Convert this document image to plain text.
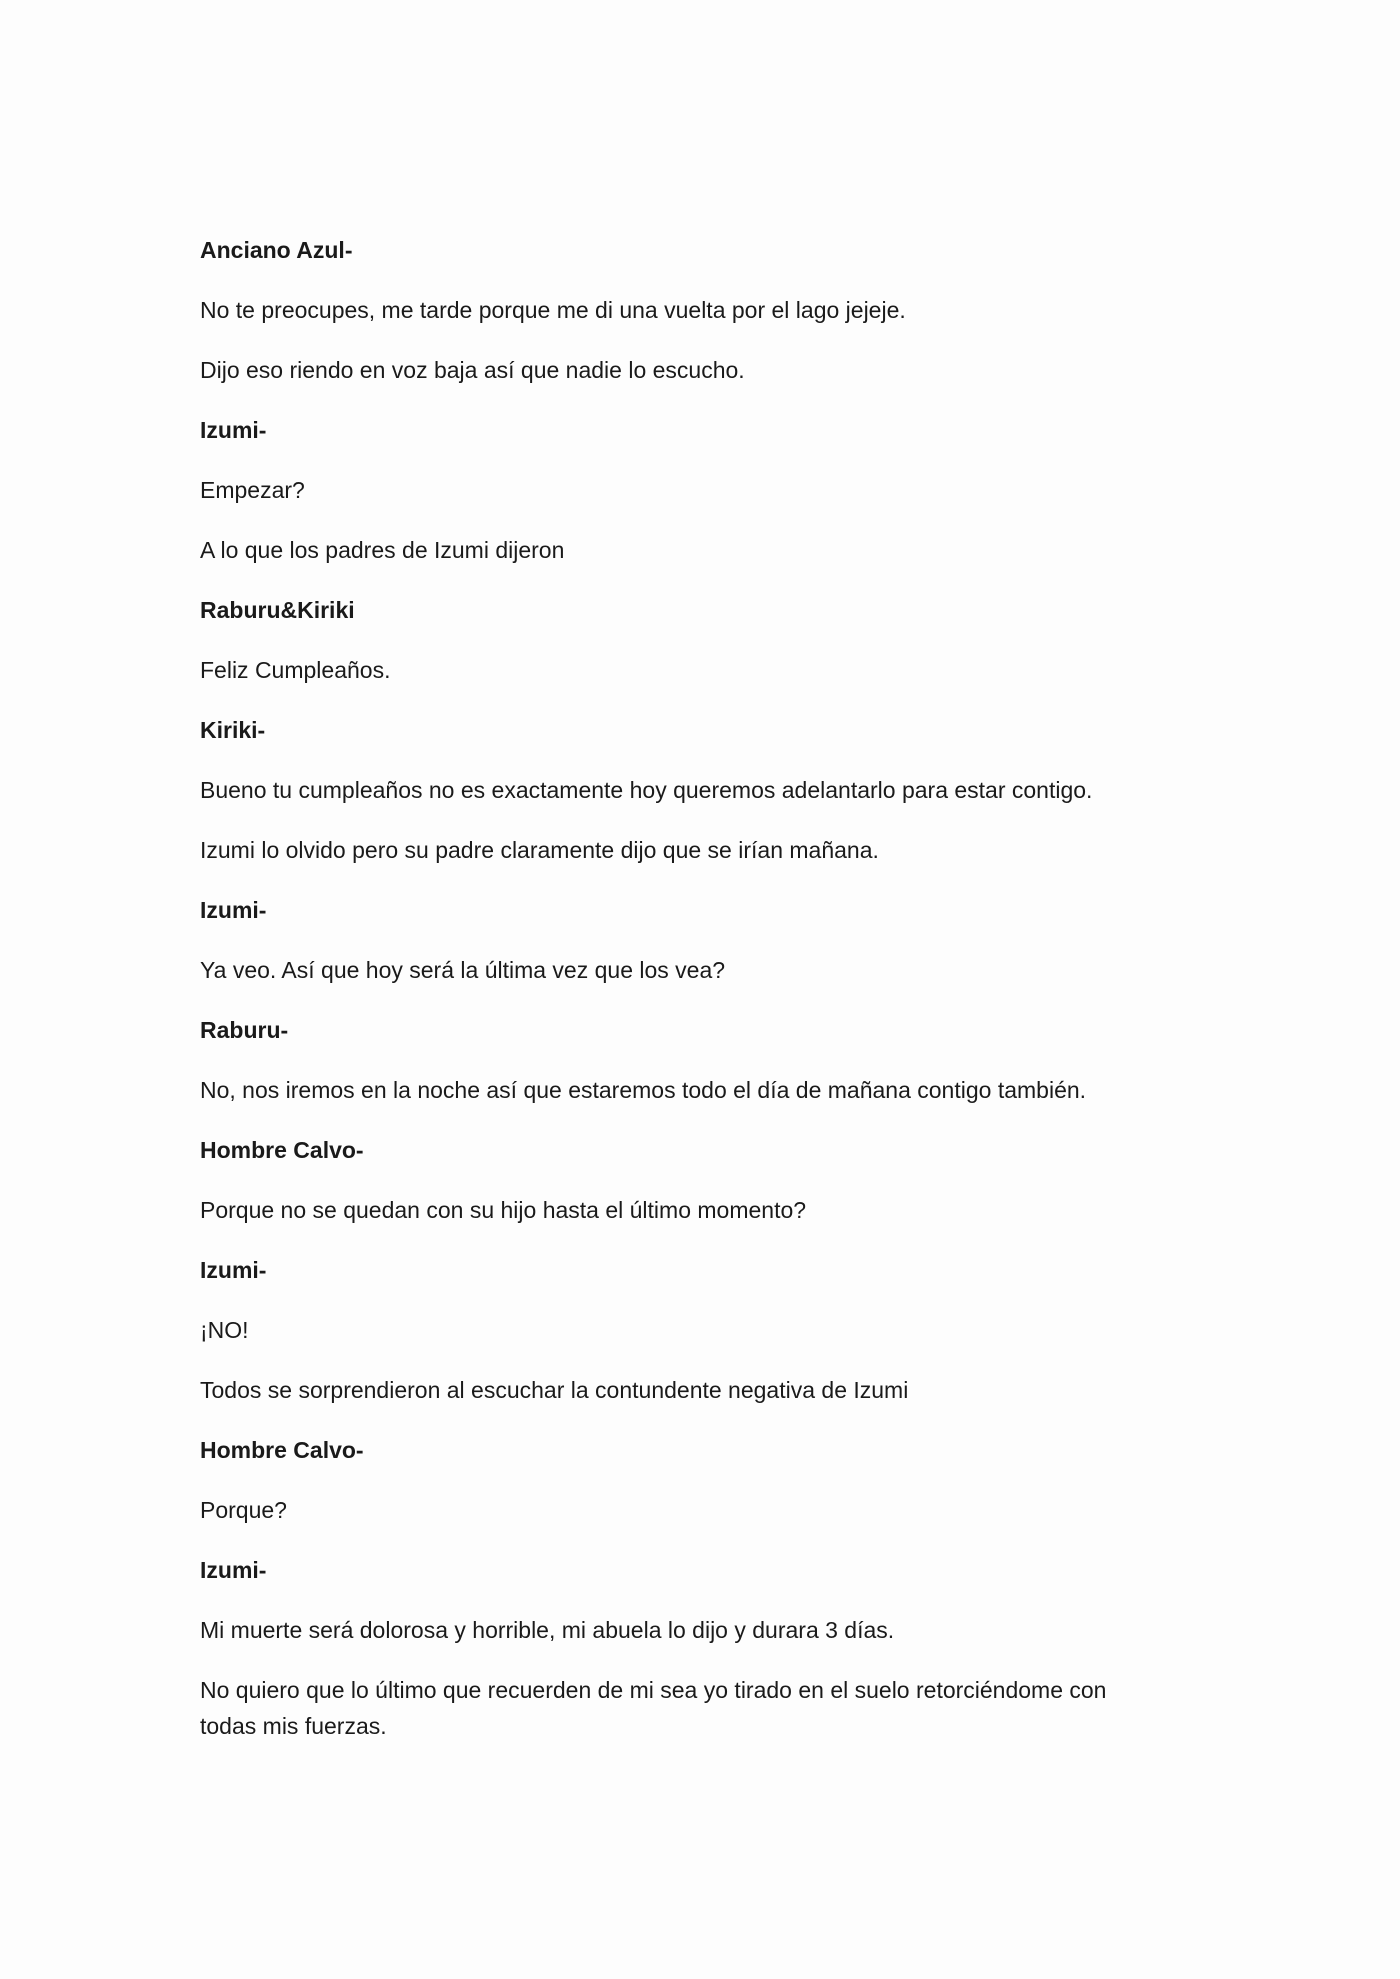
Anciano Azul-

No te preocupes, me tarde porque me di una vuelta por el lago jejeje.

Dijo eso riendo en voz baja así que nadie lo escucho.

Izumi-

Empezar?

A lo que los padres de Izumi dijeron

Raburu&Kiriki

Feliz Cumpleaños.

Kiriki-

Bueno tu cumpleaños no es exactamente hoy queremos adelantarlo para estar contigo.

Izumi lo olvido pero su padre claramente dijo que se irían mañana.

Izumi-

Ya veo. Así que hoy será la última vez que los vea?

Raburu-

No, nos iremos en la noche así que estaremos todo el día de mañana contigo también.

Hombre Calvo-

Porque no se quedan con su hijo hasta el último momento?

Izumi-

¡NO!

Todos se sorprendieron al escuchar la contundente negativa de Izumi

Hombre Calvo-

Porque?

Izumi-

Mi muerte será dolorosa y horrible, mi abuela lo dijo y durara 3 días.

No quiero que lo último que recuerden de mi sea yo tirado en el suelo retorciéndome con todas mis fuerzas.
